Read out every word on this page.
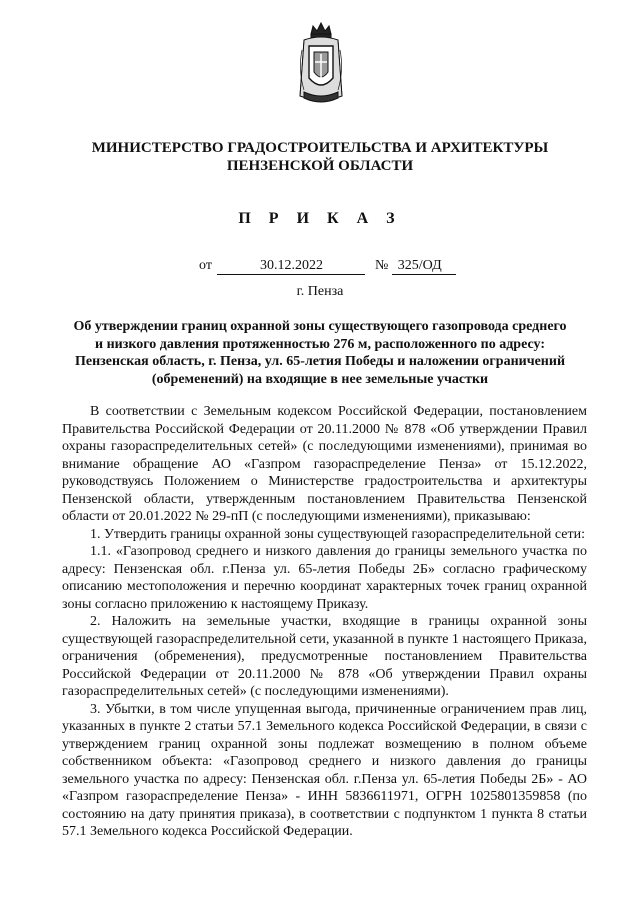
МИНИСТЕРСТВО ГРАДОСТРОИТЕЛЬСТВА И АРХИТЕКТУРЫ
ПЕНЗЕНСКОЙ ОБЛАСТИ
П Р И К А З
от	30.12.2022	№ 325/ОД
г. Пенза
Об утверждении границ охранной зоны существующего газопровода среднего и низкого давления протяженностью 276 м, расположенного по адресу: Пензенская область, г. Пенза, ул. 65-летия Победы и наложении ограничений (обременений) на входящие в нее земельные участки

В соответствии с Земельным кодексом Российской Федерации, постановлением Правительства Российской Федерации от 20.11.2000 № 878 «Об утверждении Правил охраны газораспределительных сетей» (с последующими изменениями), принимая во внимание обращение АО «Газпром газораспределение Пенза» от 15.12.2022, руководствуясь Положением о Министерстве градостроительства и архитектуры Пензенской области, утвержденным постановлением Правительства Пензенской области от 20.01.2022 № 29-пП (с последующими изменениями), приказываю:

1. Утвердить границы охранной зоны существующей газораспределительной сети:

1.1. «Газопровод среднего и низкого давления до границы земельного участка по адресу: Пензенская обл. г.Пенза ул. 65-летия Победы 2Б» согласно графическому описанию местоположения и перечню координат характерных точек границ охранной зоны согласно приложению к настоящему Приказу.

2. Наложить на земельные участки, входящие в границы охранной зоны существующей газораспределительной сети, указанной в пункте 1 настоящего Приказа, ограничения (обременения), предусмотренные постановлением Правительства Российской Федерации от 20.11.2000 № 878 «Об утверждении Правил охраны газораспределительных сетей» (с последующими изменениями).

3. Убытки, в том числе упущенная выгода, причиненные ограничением прав лиц, указанных в пункте 2 статьи 57.1 Земельного кодекса Российской Федерации, в связи с утверждением границ охранной зоны подлежат возмещению в полном объеме собственником объекта: «Газопровод среднего и низкого давления до границы земельного участка по адресу: Пензенская обл. г.Пенза ул. 65-летия Победы 2Б» - АО «Газпром газораспределение Пенза» - ИНН 5836611971, ОГРН 1025801359858 (по состоянию на дату принятия приказа), в соответствии с подпунктом 1 пункта 8 статьи 57.1 Земельного кодекса Российской Федерации.
